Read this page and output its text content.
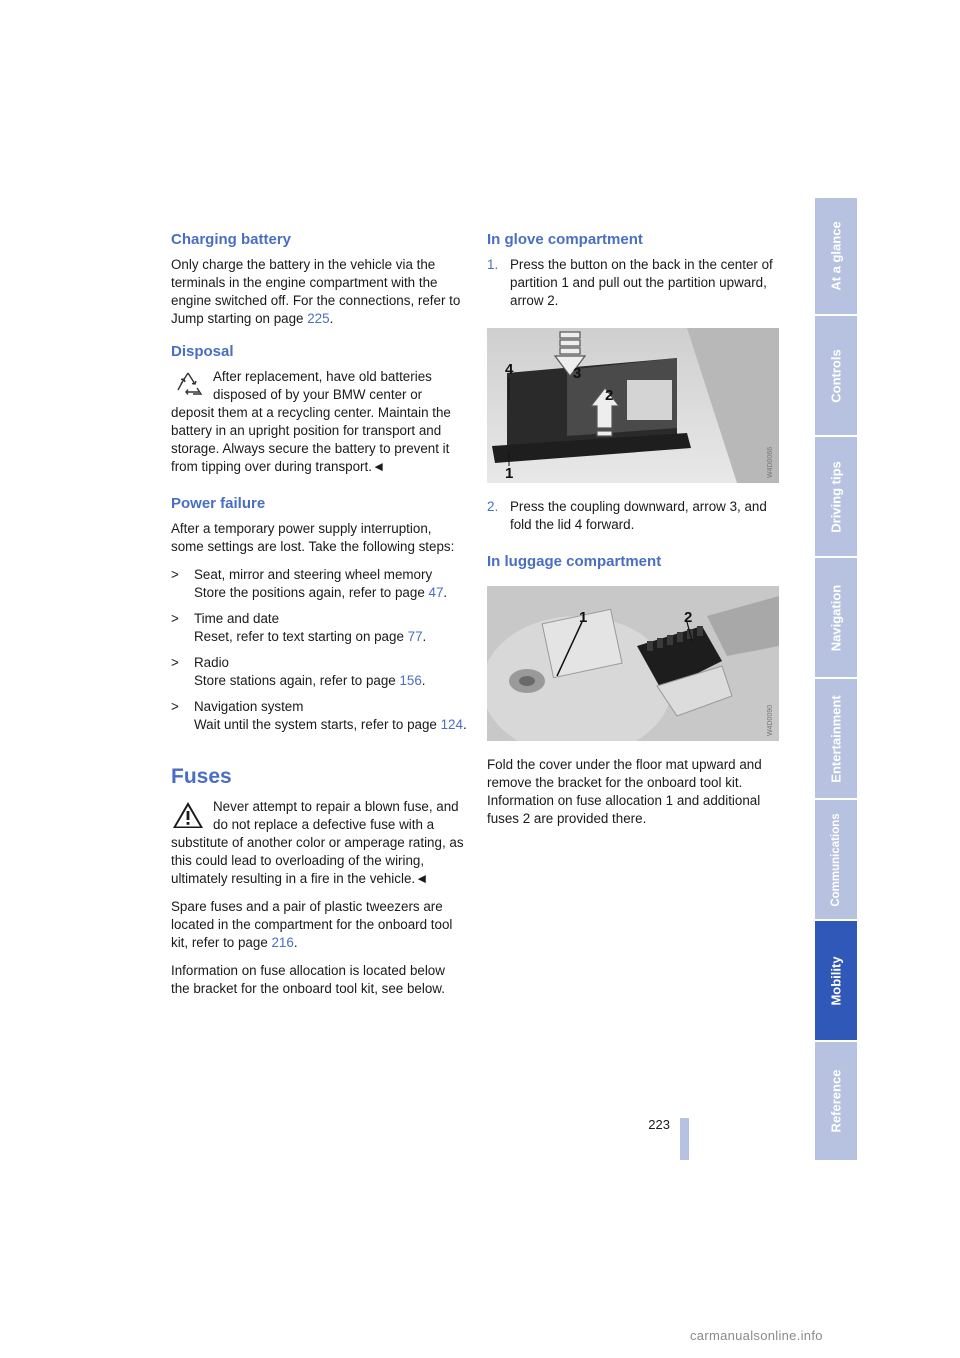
Charging battery

Only charge the battery in the vehicle via the terminals in the engine compartment with the engine switched off. For the connections, refer to Jump starting on page 225.

Disposal
After replacement, have old batteries disposed of by your BMW center or deposit them at a recycling center. Maintain the battery in an upright position for transport and storage. Always secure the battery to prevent it from tipping over during transport.◄
Power failure

After a temporary power supply interruption, some settings are lost. Take the following steps:

> Seat, mirror and steering wheel memory
Store the positions again, refer to page 47.
> Time and date
Reset, refer to text starting on page 77.
> Radio
Store stations again, refer to page 156.
> Navigation system
Wait until the system starts, refer to page 124.
Fuses
Never attempt to repair a blown fuse, and do not replace a defective fuse with a substitute of another color or amperage rating, as this could lead to overloading of the wiring, ultimately resulting in a fire in the vehicle.◄

Spare fuses and a pair of plastic tweezers are located in the compartment for the onboard tool kit, refer to page 216.

Information on fuse allocation is located below the bracket for the onboard tool kit, see below.

In glove compartment
1. Press the button on the back in the center of partition 1 and pull out the partition upward, arrow 2.
3
2
4
1	W4D0066
2. Press the coupling downward, arrow 3, and fold the lid 4 forward.
In luggage compartment
1	2
W4D0090

Fold the cover under the floor mat upward and remove the bracket for the onboard tool kit. Information on fuse allocation 1 and additional fuses 2 are provided there.

At a glance
Controls
Driving tips
Navigation
Entertainment
Communications
Mobility
Reference
223
carmanualsonline.info
